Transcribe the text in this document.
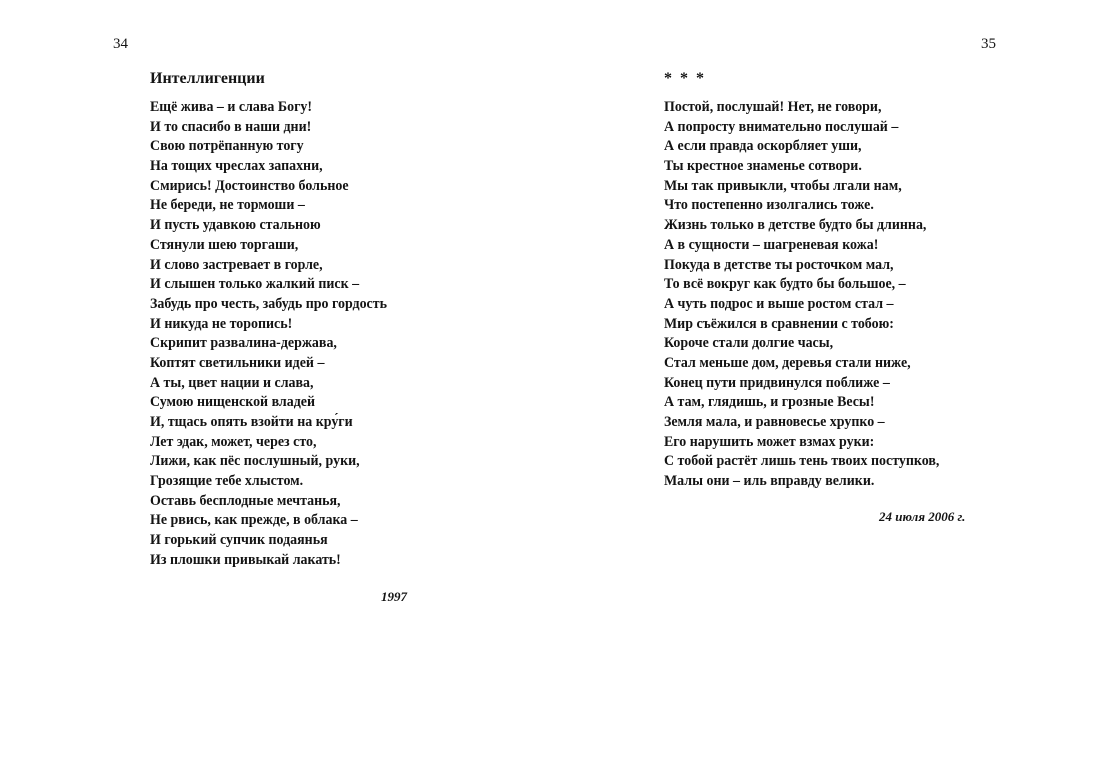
34	35
Интеллигенции
Ещё жива – и слава Богу!
И то спасибо в наши дни!
Свою потрёпанную тогу
На тощих чреслах запахни,
Смирись! Достоинство больное
Не береди, не тормоши –
И пусть удавкою стальною
Стянули шею торгаши,
И слово застревает в горле,
И слышен только жалкий писк –
Забудь про честь, забудь про гордость
И никуда не торопись!
Скрипит развалина-держава,
Коптят светильники идей –
А ты, цвет нации и слава,
Сумою нищенской владей
И, тщась опять взойти на кру́ги
Лет эдак, может, через сто,
Лижи, как пёс послушный, руки,
Грозящие тебе хлыстом.
Оставь бесплодные мечтанья,
Не рвись, как прежде, в облака –
И горький супчик подаянья
Из плошки привыкай лакать!
1997
* * *
Постой, послушай! Нет, не говори,
А попросту внимательно послушай –
А если правда оскорбляет уши,
Ты крестное знаменье сотвори.
Мы так привыкли, чтобы лгали нам,
Что постепенно изолгались тоже.
Жизнь только в детстве будто бы длинна,
А в сущности – шагреневая кожа!
Покуда в детстве ты росточком мал,
То всё вокруг как будто бы большое, –
А чуть подрос и выше ростом стал –
Мир съёжился в сравнении с тобою:
Короче стали долгие часы,
Стал меньше дом, деревья стали ниже,
Конец пути придвинулся поближе –
А там, глядишь, и грозные Весы!
Земля мала, и равновесье хрупко –
Его нарушить может взмах руки:
С тобой растёт лишь тень твоих поступков,
Малы они – иль вправду велики.
24 июля 2006 г.
